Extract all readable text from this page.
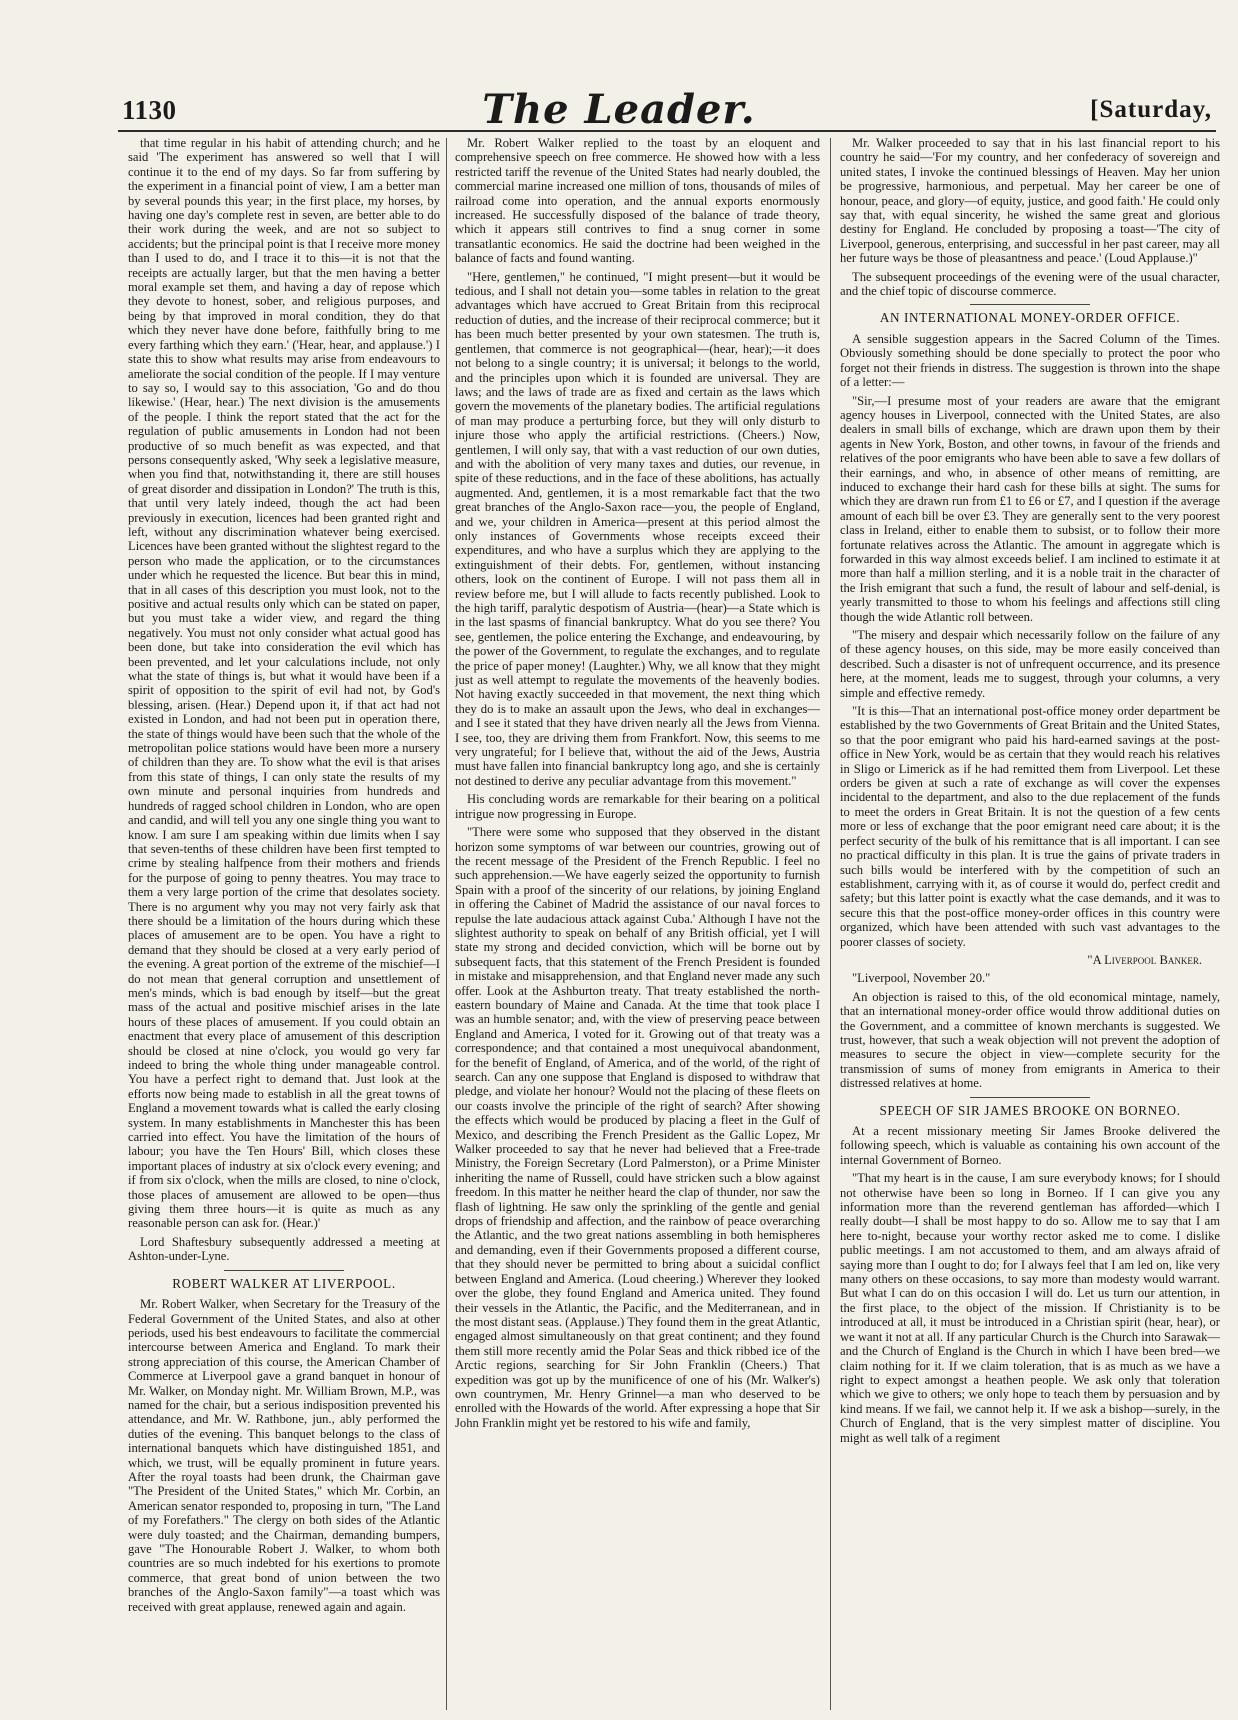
1130	The Leader.	[Saturday,

that time regular in his habit of attending church; and he said 'The experiment has answered so well that I will continue it to the end of my days. So far from suffering by the experiment in a financial point of view, I am a better man by several pounds this year; in the first place, my horses, by having one day's complete rest in seven, are better able to do their work during the week, and are not so subject to accidents; but the principal point is that I receive more money than I used to do, and I trace it to this—it is not that the receipts are actually larger, but that the men having a better moral example set them, and having a day of repose which they devote to honest, sober, and religious purposes, and being by that improved in moral condition, they do that which they never have done before, faithfully bring to me every farthing which they earn.' ('Hear, hear, and applause.') I state this to show what results may arise from endeavours to ameliorate the social condition of the people. If I may venture to say so, I would say to this association, 'Go and do thou likewise.' (Hear, hear.) The next division is the amusements of the people. I think the report stated that the act for the regulation of public amusements in London had not been productive of so much benefit as was expected, and that persons consequently asked, 'Why seek a legislative measure, when you find that, notwithstanding it, there are still houses of great disorder and dissipation in London?' The truth is this, that until very lately indeed, though the act had been previously in execution, licences had been granted right and left, without any discrimination whatever being exercised. Licences have been granted without the slightest regard to the person who made the application, or to the circumstances under which he requested the licence. But bear this in mind, that in all cases of this description you must look, not to the positive and actual results only which can be stated on paper, but you must take a wider view, and regard the thing negatively. You must not only consider what actual good has been done, but take into consideration the evil which has been prevented, and let your calculations include, not only what the state of things is, but what it would have been if a spirit of opposition to the spirit of evil had not, by God's blessing, arisen. (Hear.) Depend upon it, if that act had not existed in London, and had not been put in operation there, the state of things would have been such that the whole of the metropolitan police stations would have been more a nursery of children than they are. To show what the evil is that arises from this state of things, I can only state the results of my own minute and personal inquiries from hundreds and hundreds of ragged school children in London, who are open and candid, and will tell you any one single thing you want to know. I am sure I am speaking within due limits when I say that seven-tenths of these children have been first tempted to crime by stealing halfpence from their mothers and friends for the purpose of going to penny theatres. You may trace to them a very large portion of the crime that desolates society. There is no argument why you may not very fairly ask that there should be a limitation of the hours during which these places of amusement are to be open. You have a right to demand that they should be closed at a very early period of the evening. A great portion of the extreme of the mischief—I do not mean that general corruption and unsettlement of men's minds, which is bad enough by itself—but the great mass of the actual and positive mischief arises in the late hours of these places of amusement. If you could obtain an enactment that every place of amusement of this description should be closed at nine o'clock, you would go very far indeed to bring the whole thing under manageable control. You have a perfect right to demand that. Just look at the efforts now being made to establish in all the great towns of England a movement towards what is called the early closing system. In many establishments in Manchester this has been carried into effect. You have the limitation of the hours of labour; you have the Ten Hours' Bill, which closes these important places of industry at six o'clock every evening; and if from six o'clock, when the mills are closed, to nine o'clock, those places of amusement are allowed to be open—thus giving them three hours—it is quite as much as any reasonable person can ask for. (Hear.)'

Lord Shaftesbury subsequently addressed a meeting at Ashton-under-Lyne.

ROBERT WALKER AT LIVERPOOL.

Mr. Robert Walker, when Secretary for the Treasury of the Federal Government of the United States, and also at other periods, used his best endeavours to facilitate the commercial intercourse between America and England. To mark their strong appreciation of this course, the American Chamber of Commerce at Liverpool gave a grand banquet in honour of Mr. Walker, on Monday night. Mr. William Brown, M.P., was named for the chair, but a serious indisposition prevented his attendance, and Mr. W. Rathbone, jun., ably performed the duties of the evening. This banquet belongs to the class of international banquets which have distinguished 1851, and which, we trust, will be equally prominent in future years. After the royal toasts had been drunk, the Chairman gave "The President of the United States," which Mr. Corbin, an American senator responded to, proposing in turn, "The Land of my Forefathers." The clergy on both sides of the Atlantic were duly toasted; and the Chairman, demanding bumpers, gave "The Honourable Robert J. Walker, to whom both countries are so much indebted for his exertions to promote commerce, that great bond of union between the two branches of the Anglo-Saxon family"—a toast which was received with great applause, renewed again and again.

Mr. Robert Walker replied to the toast by an eloquent and comprehensive speech on free commerce. He showed how with a less restricted tariff the revenue of the United States had nearly doubled, the commercial marine increased one million of tons, thousands of miles of railroad come into operation, and the annual exports enormously increased. He successfully disposed of the balance of trade theory, which it appears still contrives to find a snug corner in some transatlantic economics. He said the doctrine had been weighed in the balance of facts and found wanting.

"Here, gentlemen," he continued, "I might present—but it would be tedious, and I shall not detain you—some tables in relation to the great advantages which have accrued to Great Britain from this reciprocal reduction of duties, and the increase of their reciprocal commerce; but it has been much better presented by your own statesmen. The truth is, gentlemen, that commerce is not geographical—(hear, hear);—it does not belong to a single country; it is universal; it belongs to the world, and the principles upon which it is founded are universal. They are laws; and the laws of trade are as fixed and certain as the laws which govern the movements of the planetary bodies. The artificial regulations of man may produce a perturbing force, but they will only disturb to injure those who apply the artificial restrictions. (Cheers.) Now, gentlemen, I will only say, that with a vast reduction of our own duties, and with the abolition of very many taxes and duties, our revenue, in spite of these reductions, and in the face of these abolitions, has actually augmented. And, gentlemen, it is a most remarkable fact that the two great branches of the Anglo-Saxon race—you, the people of England, and we, your children in America—present at this period almost the only instances of Governments whose receipts exceed their expenditures, and who have a surplus which they are applying to the extinguishment of their debts. For, gentlemen, without instancing others, look on the continent of Europe. I will not pass them all in review before me, but I will allude to facts recently published. Look to the high tariff, paralytic despotism of Austria—(hear)—a State which is in the last spasms of financial bankruptcy. What do you see there? You see, gentlemen, the police entering the Exchange, and endeavouring, by the power of the Government, to regulate the exchanges, and to regulate the price of paper money! (Laughter.) Why, we all know that they might just as well attempt to regulate the movements of the heavenly bodies. Not having exactly succeeded in that movement, the next thing which they do is to make an assault upon the Jews, who deal in exchanges—and I see it stated that they have driven nearly all the Jews from Vienna. I see, too, they are driving them from Frankfort. Now, this seems to me very ungrateful; for I believe that, without the aid of the Jews, Austria must have fallen into financial bankruptcy long ago, and she is certainly not destined to derive any peculiar advantage from this movement."

His concluding words are remarkable for their bearing on a political intrigue now progressing in Europe.

"There were some who supposed that they observed in the distant horizon some symptoms of war between our countries, growing out of the recent message of the President of the French Republic. I feel no such apprehension.—We have eagerly seized the opportunity to furnish Spain with a proof of the sincerity of our relations, by joining England in offering the Cabinet of Madrid the assistance of our naval forces to repulse the late audacious attack against Cuba.' Although I have not the slightest authority to speak on behalf of any British official, yet I will state my strong and decided conviction, which will be borne out by subsequent facts, that this statement of the French President is founded in mistake and misapprehension, and that England never made any such offer. Look at the Ashburton treaty. That treaty established the north-eastern boundary of Maine and Canada. At the time that took place I was an humble senator; and, with the view of preserving peace between England and America, I voted for it. Growing out of that treaty was a correspondence; and that contained a most unequivocal abandonment, for the benefit of England, of America, and of the world, of the right of search. Can any one suppose that England is disposed to withdraw that pledge, and violate her honour? Would not the placing of these fleets on our coasts involve the principle of the right of search? After showing the effects which would be produced by placing a fleet in the Gulf of Mexico, and describing the French President as the Gallic Lopez, Mr Walker proceeded to say that he never had believed that a Free-trade Ministry, the Foreign Secretary (Lord Palmerston), or a Prime Minister inheriting the name of Russell, could have stricken such a blow against freedom. In this matter he neither heard the clap of thunder, nor saw the flash of lightning. He saw only the sprinkling of the gentle and genial drops of friendship and affection, and the rainbow of peace overarching the Atlantic, and the two great nations assembling in both hemispheres and demanding, even if their Governments proposed a different course, that they should never be permitted to bring about a suicidal conflict between England and America. (Loud cheering.) Wherever they looked over the globe, they found England and America united. They found their vessels in the Atlantic, the Pacific, and the Mediterranean, and in the most distant seas. (Applause.) They found them in the great Atlantic, engaged almost simultaneously on that great continent; and they found them still more recently amid the Polar Seas and thick ribbed ice of the Arctic regions, searching for Sir John Franklin (Cheers.) That expedition was got up by the munificence of one of his (Mr. Walker's) own countrymen, Mr. Henry Grinnel—a man who deserved to be enrolled with the Howards of the world. After expressing a hope that Sir John Franklin might yet be restored to his wife and family,

Mr. Walker proceeded to say that in his last financial report to his country he said—'For my country, and her confederacy of sovereign and united states, I invoke the continued blessings of Heaven. May her union be progressive, harmonious, and perpetual. May her career be one of honour, peace, and glory—of equity, justice, and good faith.' He could only say that, with equal sincerity, he wished the same great and glorious destiny for England. He concluded by proposing a toast—'The city of Liverpool, generous, enterprising, and successful in her past career, may all her future ways be those of pleasantness and peace.' (Loud Applause.)"

The subsequent proceedings of the evening were of the usual character, and the chief topic of discourse commerce.

AN INTERNATIONAL MONEY-ORDER OFFICE.

A sensible suggestion appears in the Sacred Column of the Times. Obviously something should be done specially to protect the poor who forget not their friends in distress. The suggestion is thrown into the shape of a letter:—

"Sir,—I presume most of your readers are aware that the emigrant agency houses in Liverpool, connected with the United States, are also dealers in small bills of exchange, which are drawn upon them by their agents in New York, Boston, and other towns, in favour of the friends and relatives of the poor emigrants who have been able to save a few dollars of their earnings, and who, in absence of other means of remitting, are induced to exchange their hard cash for these bills at sight. The sums for which they are drawn run from £1 to £6 or £7, and I question if the average amount of each bill be over £3. They are generally sent to the very poorest class in Ireland, either to enable them to subsist, or to follow their more fortunate relatives across the Atlantic. The amount in aggregate which is forwarded in this way almost exceeds belief. I am inclined to estimate it at more than half a million sterling, and it is a noble trait in the character of the Irish emigrant that such a fund, the result of labour and self-denial, is yearly transmitted to those to whom his feelings and affections still cling though the wide Atlantic roll between.

"The misery and despair which necessarily follow on the failure of any of these agency houses, on this side, may be more easily conceived than described. Such a disaster is not of unfrequent occurrence, and its presence here, at the moment, leads me to suggest, through your columns, a very simple and effective remedy.

"It is this—That an international post-office money order department be established by the two Governments of Great Britain and the United States, so that the poor emigrant who paid his hard-earned savings at the post-office in New York, would be as certain that they would reach his relatives in Sligo or Limerick as if he had remitted them from Liverpool. Let these orders be given at such a rate of exchange as will cover the expenses incidental to the department, and also to the due replacement of the funds to meet the orders in Great Britain. It is not the question of a few cents more or less of exchange that the poor emigrant need care about; it is the perfect security of the bulk of his remittance that is all important. I can see no practical difficulty in this plan. It is true the gains of private traders in such bills would be interfered with by the competition of such an establishment, carrying with it, as of course it would do, perfect credit and safety; but this latter point is exactly what the case demands, and it was to secure this that the post-office money-order offices in this country were organized, which have been attended with such vast advantages to the poorer classes of society.

"A Liverpool Banker.

"Liverpool, November 20."

An objection is raised to this, of the old economical mintage, namely, that an international money-order office would throw additional duties on the Government, and a committee of known merchants is suggested. We trust, however, that such a weak objection will not prevent the adoption of measures to secure the object in view—complete security for the transmission of sums of money from emigrants in America to their distressed relatives at home.

SPEECH OF SIR JAMES BROOKE ON BORNEO.

At a recent missionary meeting Sir James Brooke delivered the following speech, which is valuable as containing his own account of the internal Government of Borneo.

"That my heart is in the cause, I am sure everybody knows; for I should not otherwise have been so long in Borneo. If I can give you any information more than the reverend gentleman has afforded—which I really doubt—I shall be most happy to do so. Allow me to say that I am here to-night, because your worthy rector asked me to come. I dislike public meetings. I am not accustomed to them, and am always afraid of saying more than I ought to do; for I always feel that I am led on, like very many others on these occasions, to say more than modesty would warrant. But what I can do on this occasion I will do. Let us turn our attention, in the first place, to the object of the mission. If Christianity is to be introduced at all, it must be introduced in a Christian spirit (hear, hear), or we want it not at all. If any particular Church is the Church into Sarawak—and the Church of England is the Church in which I have been bred—we claim nothing for it. If we claim toleration, that is as much as we have a right to expect amongst a heathen people. We ask only that toleration which we give to others; we only hope to teach them by persuasion and by kind means. If we fail, we cannot help it. If we ask a bishop—surely, in the Church of England, that is the very simplest matter of discipline. You might as well talk of a regiment
